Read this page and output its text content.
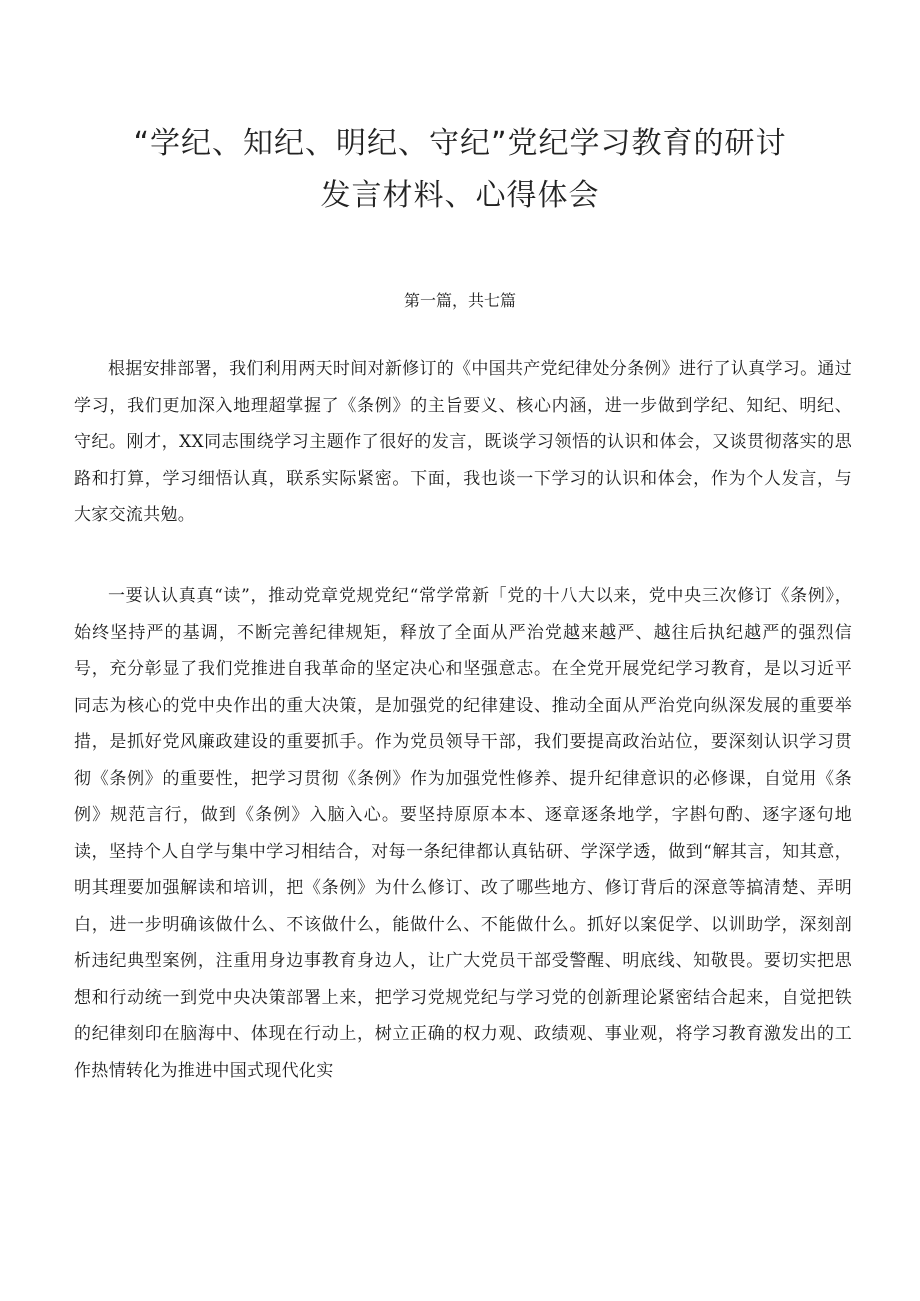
“学纪、知纪、明纪、守纪”党纪学习教育的研讨
发言材料、心得体会

第一篇，共七篇

根据安排部署，我们利用两天时间对新修订的《中国共产党纪律处分条例》进行了认真学习。通过学习，我们更加深入地理超掌握了《条例》的主旨要义、核心内涵，进一步做到学纪、知纪、明纪、守纪。刚才，XX同志围绕学习主题作了很好的发言，既谈学习领悟的认识和体会，又谈贯彻落实的思路和打算，学习细悟认真，联系实际紧密。下面，我也谈一下学习的认识和体会，作为个人发言，与大家交流共勉。

一要认认真真“读”，推动党章党规党纪“常学常新「党的十八大以来，党中央三次修订《条例》，始终坚持严的基调，不断完善纪律规矩，释放了全面从严治党越来越严、越往后执纪越严的强烈信号，充分彰显了我们党推进自我革命的坚定决心和坚强意志。在全党开展党纪学习教育，是以习近平同志为核心的党中央作出的重大决策，是加强党的纪律建设、推动全面从严治党向纵深发展的重要举措，是抓好党风廉政建设的重要抓手。作为党员领导干部，我们要提高政治站位，要深刻认识学习贯彻《条例》的重要性，把学习贯彻《条例》作为加强党性修养、提升纪律意识的必修课，自觉用《条例》规范言行，做到《条例》入脑入心。要坚持原原本本、逐章逐条地学，字斟句酌、逐字逐句地读，坚持个人自学与集中学习相结合，对每一条纪律都认真钻研、学深学透，做到“解其言，知其意，明其理要加强解读和培训，把《条例》为什么修订、改了哪些地方、修订背后的深意等搞清楚、弄明白，进一步明确该做什么、不该做什么，能做什么、不能做什么。抓好以案促学、以训助学，深刻剖析违纪典型案例，注重用身边事教育身边人，让广大党员干部受警醒、明底线、知敬畏。要切实把思想和行动统一到党中央决策部署上来，把学习党规党纪与学习党的创新理论紧密结合起来，自觉把铁的纪律刻印在脑海中、体现在行动上，树立正确的权力观、政绩观、事业观，将学习教育激发出的工作热情转化为推进中国式现代化实
